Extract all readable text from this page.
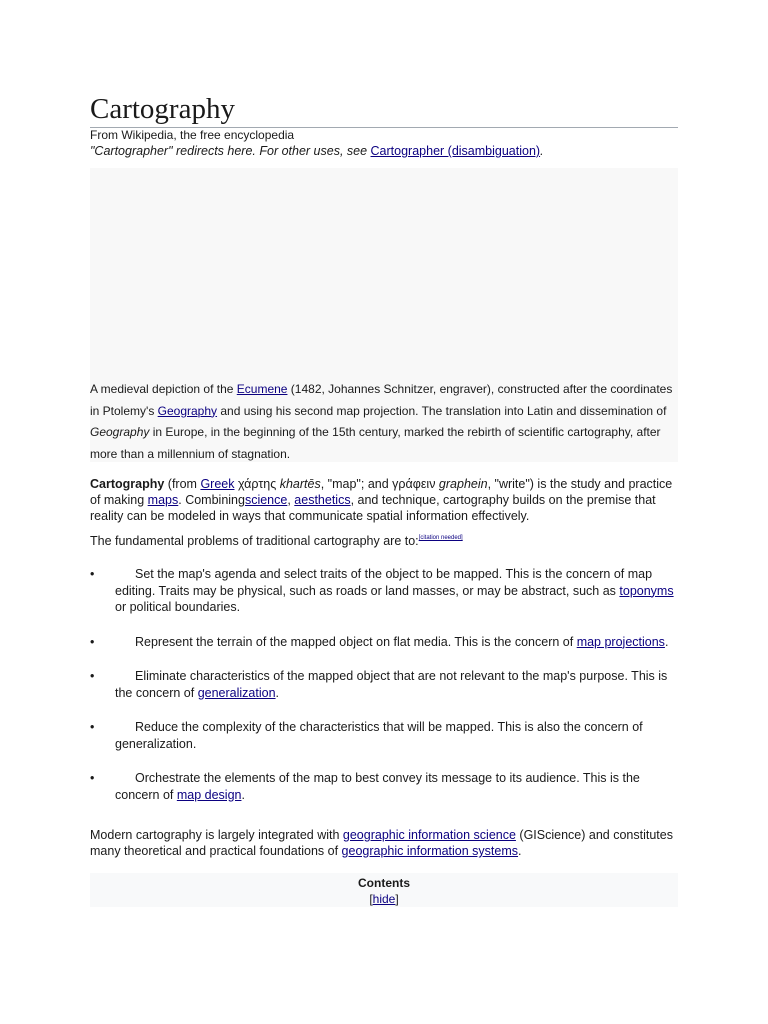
Cartography
From Wikipedia, the free encyclopedia
"Cartographer" redirects here. For other uses, see Cartographer (disambiguation).
A medieval depiction of the Ecumene (1482, Johannes Schnitzer, engraver), constructed after the coordinates in Ptolemy's Geography and using his second map projection. The translation into Latin and dissemination of Geography in Europe, in the beginning of the 15th century, marked the rebirth of scientific cartography, after more than a millennium of stagnation.
Cartography (from Greek χάρτης khartēs, "map"; and γράφειν graphein, "write") is the study and practice of making maps. Combiningscience, aesthetics, and technique, cartography builds on the premise that reality can be modeled in ways that communicate spatial information effectively.
The fundamental problems of traditional cartography are to:[citation needed]
•	Set the map's agenda and select traits of the object to be mapped. This is the concern of map editing. Traits may be physical, such as roads or land masses, or may be abstract, such as toponyms or political boundaries.
•	Represent the terrain of the mapped object on flat media. This is the concern of map projections.
•	Eliminate characteristics of the mapped object that are not relevant to the map's purpose. This is the concern of generalization.
•	Reduce the complexity of the characteristics that will be mapped. This is also the concern of generalization.
•	Orchestrate the elements of the map to best convey its message to its audience. This is the concern of map design.
Modern cartography is largely integrated with geographic information science (GIScience) and constitutes many theoretical and practical foundations of geographic information systems.
Contents
[hide]
